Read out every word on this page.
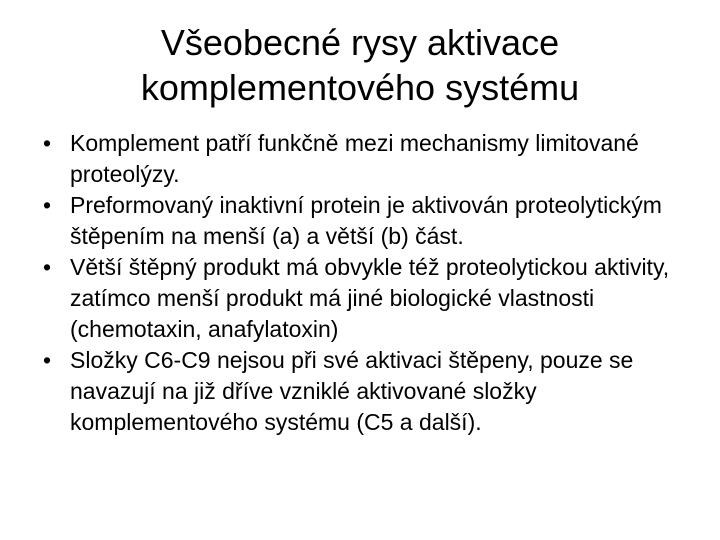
Všeobecné rysy aktivace
komplementového systému
• Komplement patří funkčně mezi mechanismy limitované proteolýzy.
• Preformovaný inaktivní protein je aktivován proteolytickým štěpením na menší (a) a větší (b) část.
• Větší štěpný produkt má obvykle též proteolytickou aktivity, zatímco menší produkt má jiné biologické vlastnosti (chemotaxin, anafylatoxin)
• Složky C6-C9 nejsou při své aktivaci štěpeny, pouze se navazují na již dříve vzniklé aktivované složky komplementového systému (C5 a další).
